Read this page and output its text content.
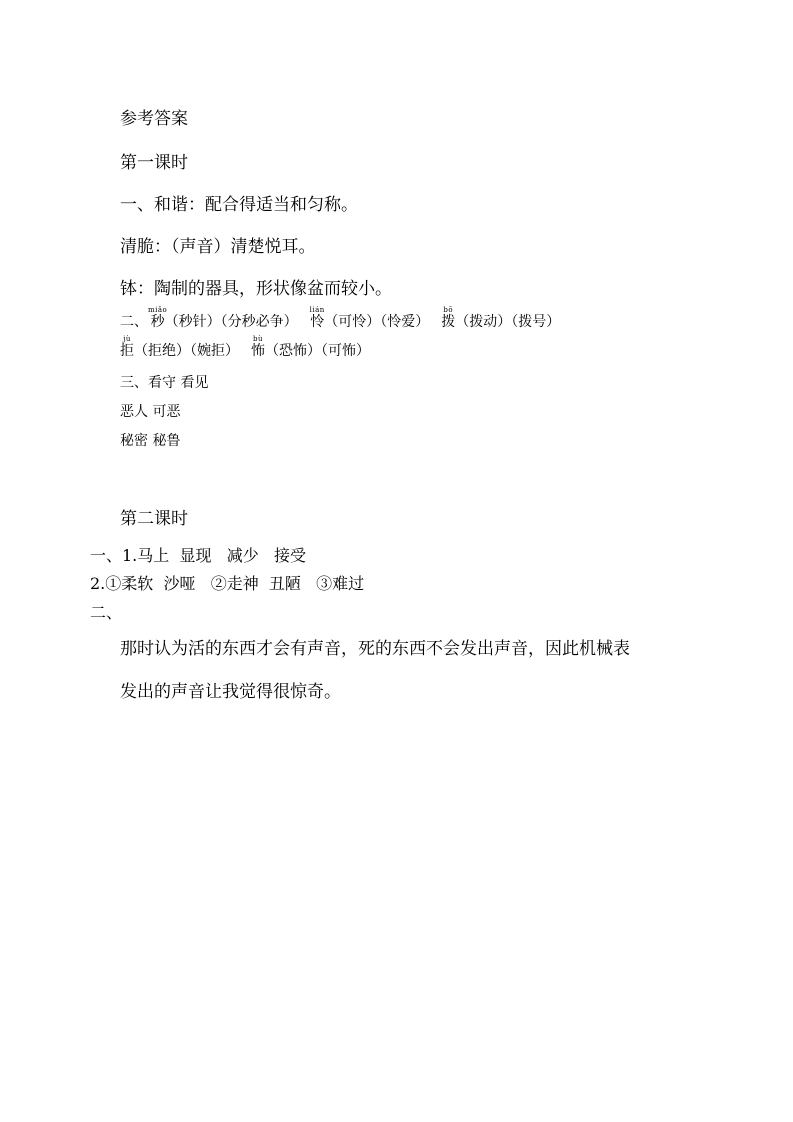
参考答案
第一课时
一、和谐：配合得适当和匀称。
清脆：（声音）清楚悦耳。
钵：陶制的器具，形状像盆而较小。
二、秒miǎo（秒针）（分秒必争） 怜lián（可怜）（怜爱） 拨bō（拨动）（拨号）
拒jù（拒绝）（婉拒） 怖bù（恐怖）（可怖）
三、看守 看见
恶人 可恶
秘密 秘鲁
第二课时
一、1.马上  显现   减少   接受
2.①柔软  沙哑   ②走神  丑陋   ③难过
二、
那时认为活的东西才会有声音，死的东西不会发出声音，因此机械表
发出的声音让我觉得很惊奇。
